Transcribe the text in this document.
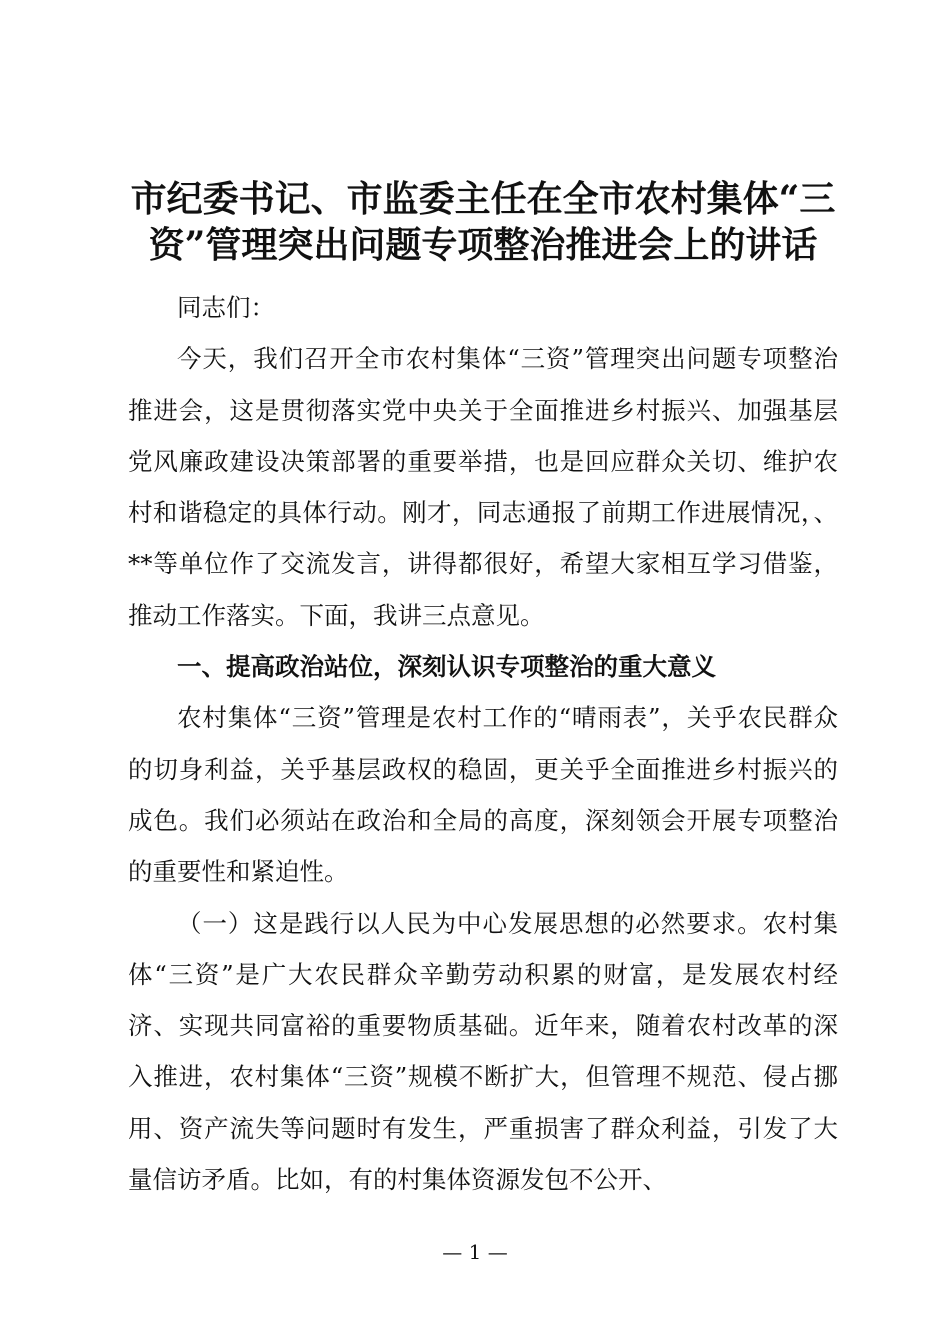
市纪委书记、市监委主任在全市农村集体“三资”管理突出问题专项整治推进会上的讲话

同志们：

今天，我们召开全市农村集体“三资”管理突出问题专项整治推进会，这是贯彻落实党中央关于全面推进乡村振兴、加强基层党风廉政建设决策部署的重要举措，也是回应群众关切、维护农村和谐稳定的具体行动。刚才，同志通报了前期工作进展情况，、**等单位作了交流发言，讲得都很好，希望大家相互学习借鉴，推动工作落实。下面，我讲三点意见。

一、提高政治站位，深刻认识专项整治的重大意义

农村集体“三资”管理是农村工作的“晴雨表”，关乎农民群众的切身利益，关乎基层政权的稳固，更关乎全面推进乡村振兴的成色。我们必须站在政治和全局的高度，深刻领会开展专项整治的重要性和紧迫性。

（一）这是践行以人民为中心发展思想的必然要求。农村集体“三资”是广大农民群众辛勤劳动积累的财富，是发展农村经济、实现共同富裕的重要物质基础。近年来，随着农村改革的深入推进，农村集体“三资”规模不断扩大，但管理不规范、侵占挪用、资产流失等问题时有发生，严重损害了群众利益，引发了大量信访矛盾。比如，有的村集体资源发包不公开、

— 1 —
